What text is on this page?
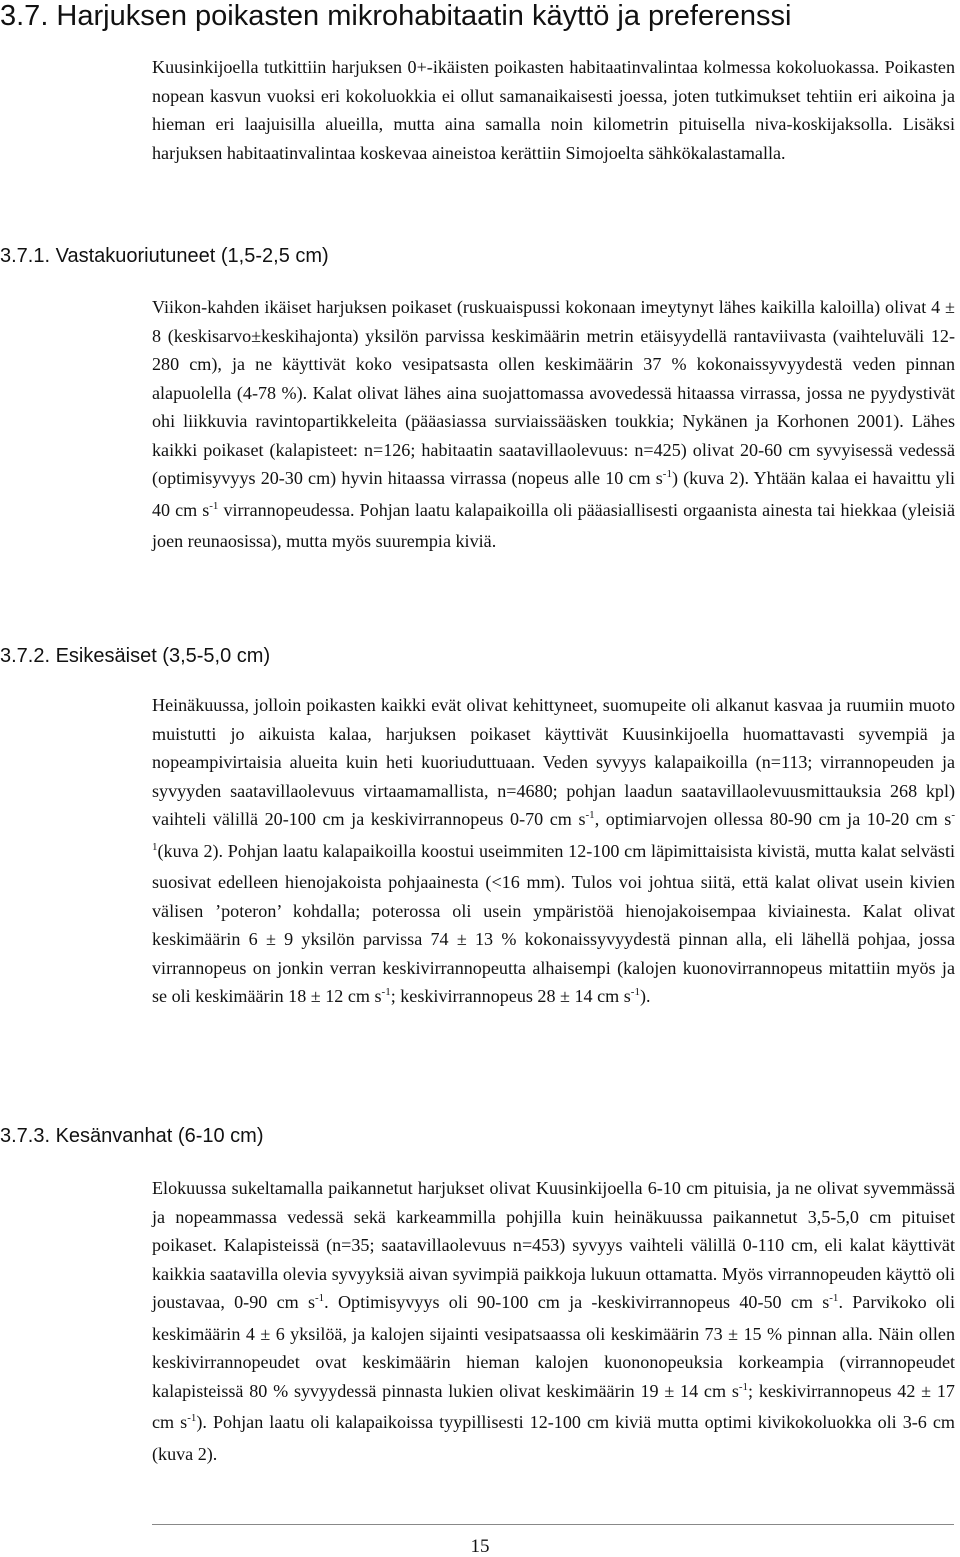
3.7. Harjuksen poikasten mikrohabitaatin käyttö ja preferenssi

Kuusinkijoella tutkittiin harjuksen 0+-ikäisten poikasten habitaatinvalintaa kolmessa kokoluokassa. Poikasten nopean kasvun vuoksi eri kokoluokkia ei ollut samanaikaisesti joessa, joten tutkimukset tehtiin eri aikoina ja hieman eri laajuisilla alueilla, mutta aina samalla noin kilometrin pituisella niva-koskijaksolla. Lisäksi harjuksen habitaatinvalintaa koskevaa aineistoa kerättiin Simojoelta sähkökalastamalla.

3.7.1. Vastakuoriutuneet (1,5-2,5 cm)

Viikon-kahden ikäiset harjuksen poikaset (ruskuaispussi kokonaan imeytynyt lähes kaikilla kaloilla) olivat 4 ± 8 (keskisarvo±keskihajonta) yksilön parvissa keskimäärin metrin etäisyydellä rantaviivasta (vaihteluväli 12-280 cm), ja ne käyttivät koko vesipatsasta ollen keskimäärin 37 % kokonaissyvyydestä veden pinnan alapuolella (4-78 %). Kalat olivat lähes aina suojattomassa avovedessä hitaassa virrassa, jossa ne pyydystivät ohi liikkuvia ravintopartikkeleita (pääasiassa surviaissääsken toukkia; Nykänen ja Korhonen 2001). Lähes kaikki poikaset (kalapisteet: n=126; habitaatin saatavillaolevuus: n=425) olivat 20-60 cm syvyisessä vedessä (optimisyvyys 20-30 cm) hyvin hitaassa virrassa (nopeus alle 10 cm $s^{-1}$) (kuva 2). Yhtään kalaa ei havaittu yli 40 cm $s^{-1}$ virrannopeudessa. Pohjan laatu kalapaikoilla oli pääasiallisesti orgaanista ainesta tai hiekkaa (yleisiä joen reunaosissa), mutta myös suurempia kiviä.

3.7.2. Esikesäiset (3,5-5,0 cm)

Heinäkuussa, jolloin poikasten kaikki evät olivat kehittyneet, suomupeite oli alkanut kasvaa ja ruumiin muoto muistutti jo aikuista kalaa, harjuksen poikaset käyttivät Kuusinkijoella huomattavasti syvempiä ja nopeampivirtaisia alueita kuin heti kuoriuduttuaan. Veden syvyys kalapaikoilla (n=113; virrannopeuden ja syvyyden saatavillaolevuus virtaamamallista, n=4680; pohjan laadun saatavillaolevuusmittauksia 268 kpl) vaihteli välillä 20-100 cm ja keskivirrannopeus 0-70 cm $s^{-1}$, optimiarvojen ollessa 80-90 cm ja 10-20 cm $s^{-1}(kuva$ 2). Pohjan laatu kalapaikoilla koostui useimmiten 12-100 cm läpimittaisista kivistä, mutta kalat selvästi suosivat edelleen hienojakoista pohjaainesta (<16 mm). Tulos voi johtua siitä, että kalat olivat usein kivien välisen ’poteron’ kohdalla; poterossa oli usein ympäristöä hienojakoisempaa kiviainesta. Kalat olivat keskimäärin 6 ± 9 yksilön parvissa 74 ± 13 % kokonaissyvyydestä pinnan alla, eli lähellä pohjaa, jossa virrannopeus on jonkin verran keskivirrannopeutta alhaisempi (kalojen kuonovirrannopeus mitattiin myös ja se oli keskimäärin 18 ± 12 cm $s^{-1}$; keskivirrannopeus 28 ± 14 cm $s^{-1}$).

3.7.3. Kesänvanhat (6-10 cm)

Elokuussa sukeltamalla paikannetut harjukset olivat Kuusinkijoella 6-10 cm pituisia, ja ne olivat syvemmässä ja nopeammassa vedessä sekä karkeammilla pohjilla kuin heinäkuussa paikannetut 3,5-5,0 cm pituiset poikaset. Kalapisteissä (n=35; saatavillaolevuus n=453) syvyys vaihteli välillä 0-110 cm, eli kalat käyttivät kaikkia saatavilla olevia syvyyksiä aivan syvimpiä paikkoja lukuun ottamatta. Myös virrannopeuden käyttö oli joustavaa, 0-90 cm $s^{-1}$. Optimisyvyys oli 90-100 cm ja -keskivirrannopeus 40-50 cm $s^{-1}$. Parvikoko oli keskimäärin 4 ± 6 yksilöä, ja kalojen sijainti vesipatsaassa oli keskimäärin 73 ± 15 % pinnan alla. Näin ollen keskivirrannopeudet ovat keskimäärin hieman kalojen kuononopeuksia korkeampia (virrannopeudet kalapisteissä 80 % syvyydessä pinnasta lukien olivat keskimäärin 19 ± 14 cm $s^{-1}$; keskivirrannopeus 42 ± 17 cm $s^{-1}$). Pohjan laatu oli kalapaikoissa tyypillisesti 12-100 cm kiviä mutta optimi kivikokoluokka oli 3-6 cm (kuva 2).

15
